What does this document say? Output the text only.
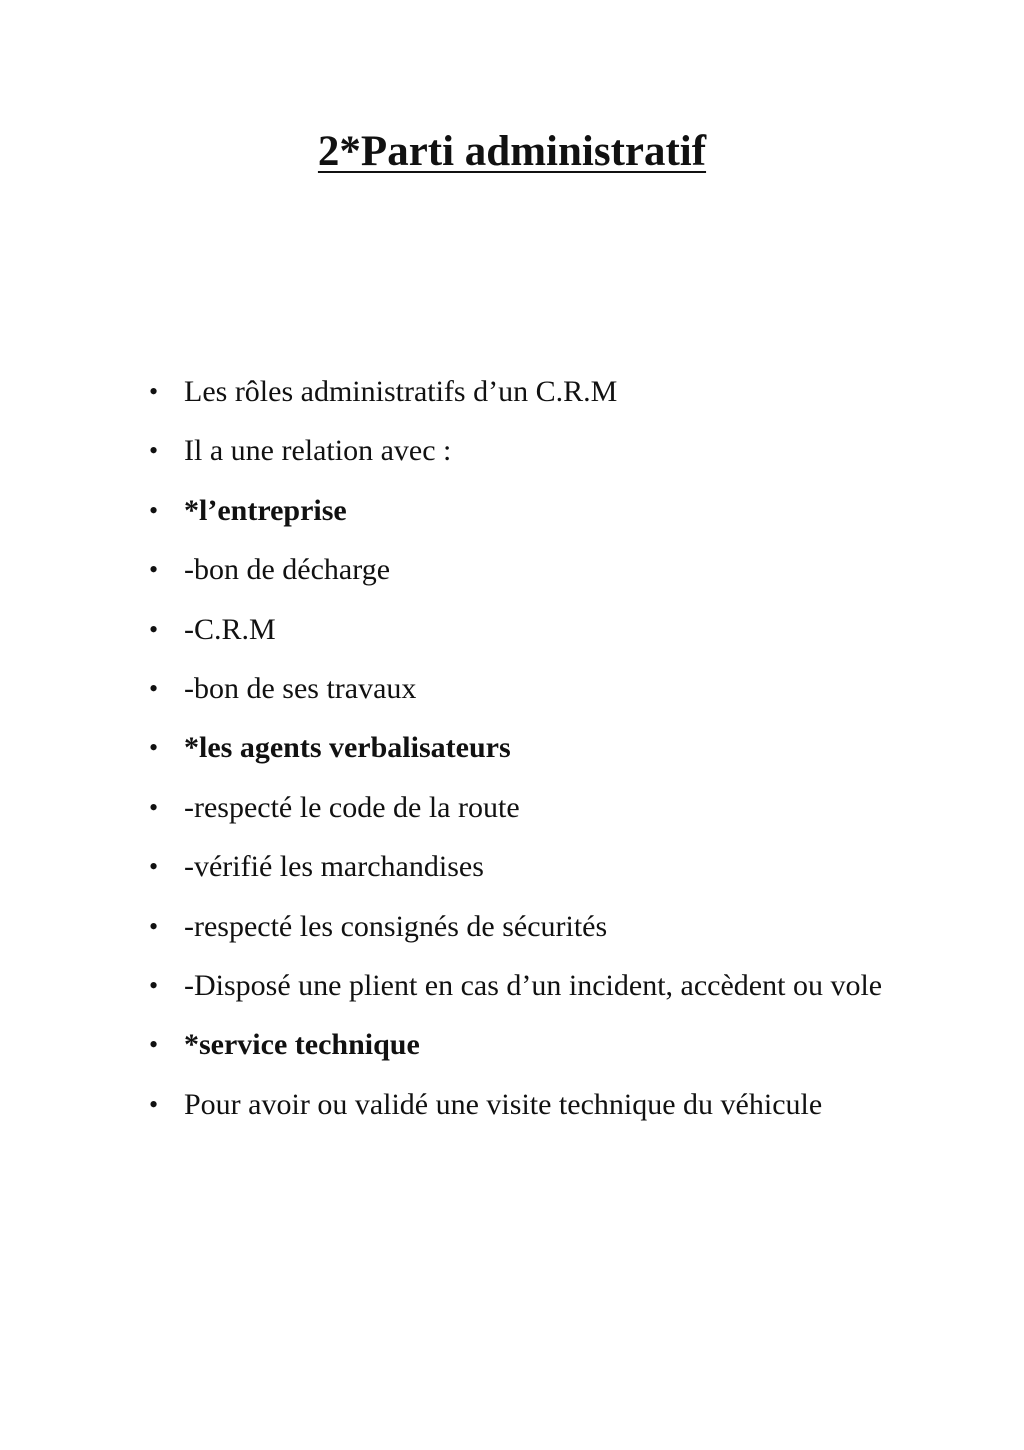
2*Parti administratif
• Les rôles administratifs d’un C.R.M
• Il a une relation avec :
• *l’entreprise
• -bon de décharge
• -C.R.M
• -bon de ses travaux
• *les agents verbalisateurs
• -respecté le code de la route
• -vérifié les marchandises
• -respecté les consignés de sécurités
• -Disposé une plient en cas d’un incident, accèdent ou vole
• *service technique
• Pour avoir ou validé une visite technique du véhicule
